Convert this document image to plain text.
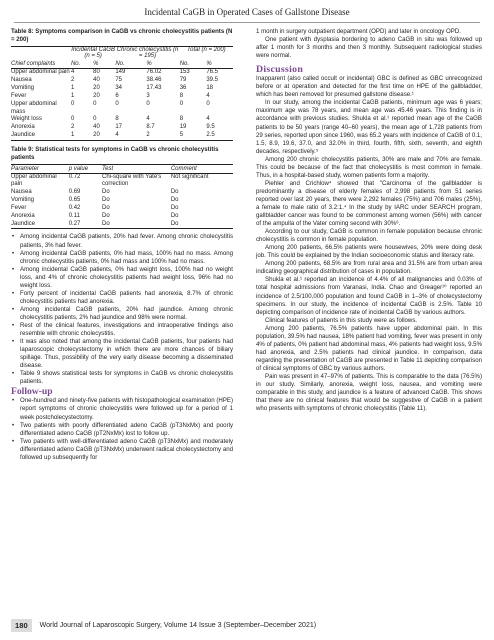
Incidental CaGB in Operated Cases of Gallstone Disease
Table 8: Symptoms comparison in CaGB vs chronic cholecystitis patients (N = 200)
	Incidental CaGB (n = 5)		Chronic cholecystitis (n = 195)		Total (n = 200)	
Chief complaints	No.	%	No.	%	No.	%
Upper abdominal pain	4	80	149	76.02	153	76.5
Nausea	2	40	75	38.46	79	39.5
Vomiting	1	20	34	17.43	36	18
Fever	1	20	6	3	8	4
Upper abdominal mass	0	0	0	0	0	0
Weight loss	0	0	8	4	8	4
Anorexia	2	40	17	8.7	19	9.5
Jaundice	1	20	4	2	5	2.5
Table 9: Statistical tests for symptoms in CaGB vs chronic cholecystitis patients
Parameter	p value	Test	Comment
Upper abdominal pain	0.72	Chi-square with Yate's correction	Not significant
Nausea	0.69	Do	Do
Vomiting	0.65	Do	Do
Fever	0.42	Do	Do
Anorexia	0.11	Do	Do
Jaundice	0.27	Do	Do
• Among incidental CaGB patients, 20% had fever. Among chronic cholecystitis patients, 3% had fever.
• Among incidental CaGB patients, 0% had mass, 100% had no mass. Among chronic cholecystitis patients, 0% had mass and 100% had no mass.
• Among incidental CaGB patients, 0% had weight loss, 100% had no weight loss, and 4% of chronic cholecystitis patients had weight loss, 96% had no weight loss.
• Forty percent of incidental CaGB patients had anorexia, 8.7% of chronic cholecystitis patients had anorexia.
• Among incidental CaGB patients, 20% had jaundice. Among chronic cholecystitis patients, 2% had jaundice and 98% were normal.
• Rest of the clinical features, investigations and intraoperative findings also resemble with chronic cholecystitis.
• It was also noted that among the incidental CaGB patients, four patients had laparoscopic cholecystectomy in which there are more chances of biliary spillage. Thus, possibility of the very early disease becoming a disseminated disease.
• Table 9 shows statistical tests for symptoms in CaGB vs chronic cholecystitis patients.
Follow-up
• One-hundred and ninety-five patients with histopathological examination (HPE) report symptoms of chronic cholecystitis were followed up for a period of 1 week postcholecystectomy.
• Two patients with poorly differentiated adeno CaGB (pT3NxMx) and poorly differentiated adeno CaGB (pT2NxMx) lost to follow up.
• Two patients with well-differentiated adeno CaGB (pT3NxMx) and moderately differentiated adeno CaGB (pT3NxMx) underwent radical cholecystectomy and followed up subsequently for
1 month in surgery outpatient department (OPD) and later in oncology OPD.
One patient with dysplasia bordering to adeno CaGB in situ was followed up after 1 month for 3 months and then 3 monthly. Subsequent radiological studies were normal.
Discussion
Inapparent (also called occult or incidental) GBC is defined as GBC unrecognized before or at operation and detected for the first time on HPE of the gallbladder, which has been removed for presumed gallstone disease.¹
In our study, among the incidental CaGB patients, minimum age was 6 years; maximum age was 78 years, and mean age was 45.46 years. This finding is in accordance with previous studies. Shukla et al.¹ reported mean age of the CaGB patients to be 50 years (range 40–60 years), the mean age of 1,728 patients from 29 series, reported upon since 1960, was 65.2 years with incidence of CaGB of 0.1, 1.5, 8.9, 19.6, 37.0, and 32.0% in third, fourth, fifth, sixth, seventh, and eighth decades, respectively.⁵
Among 200 chronic cholecystitis patients, 30% are male and 70% are female. This could be because of the fact that cholecystitis is most common in female. Thus, in a hospital-based study, women patients form a majority.
Piehler and Crichlow⁴ showed that "Carcinoma of the gallbladder is predominantly a disease of elderly females of 2,998 patients from 51 series reported over last 20 years, there were 2,292 females (75%) and 706 males (25%), a female to male ratio of 3.2:1.⁴ In the study by IARC under SEARCH program, gallbladder cancer was found to be commonest among women (56%) with cancer of the ampulla of the Vater coming second with 30%⁶.
According to our study, CaGB is common in female population because chronic cholecystitis is common in female population.
Among 200 patients, 66.5% patients were housewives, 20% were doing desk job. This could be explained by the Indian socioeconomic status and literacy rate.
Among 200 patients, 68.5% are from rural area and 31.5% are from urban area indicating geographical distribution of cases in population.
Shukla et al.¹ reported an incidence of 4.4% of all malignancies and 0.03% of total hospital admissions from Varanasi, India. Chao and Greager¹⁰ reported an incidence of 2.5/100,000 population and found CaGB in 1–3% of cholecystectomy specimens. In our study, the incidence of incidental CaGB is 2.5%. Table 10 depicting comparison of incidence rate of incidental CaGB by various authors.
Clinical features of patients in this study were as follows.
Among 200 patients, 76.5% patients have upper abdominal pain. In this population, 39.5% had nausea, 18% patient had vomiting, fever was present in only 4% of patients, 0% patient had abdominal mass, 4% patients had weight loss, 9.5% had anorexia, and 2.5% patients had clinical jaundice. In comparison, data regarding the presentation of CaGB are presented in Table 11 depicting comparison of clinical symptoms of GBC by various authors.
Pain was present in 47–97% of patients. This is comparable to the data (76.5%) in our study. Similarly, anorexia, weight loss, nausea, and vomiting were comparable in this study, and jaundice is a feature of advanced CaGB. This shows that there are no clinical features that would be suggestive of CaGB in a patient who presents with symptoms of chronic cholecystitis (Table 11).
180	World Journal of Laparoscopic Surgery, Volume 14 Issue 3 (September–December 2021)
